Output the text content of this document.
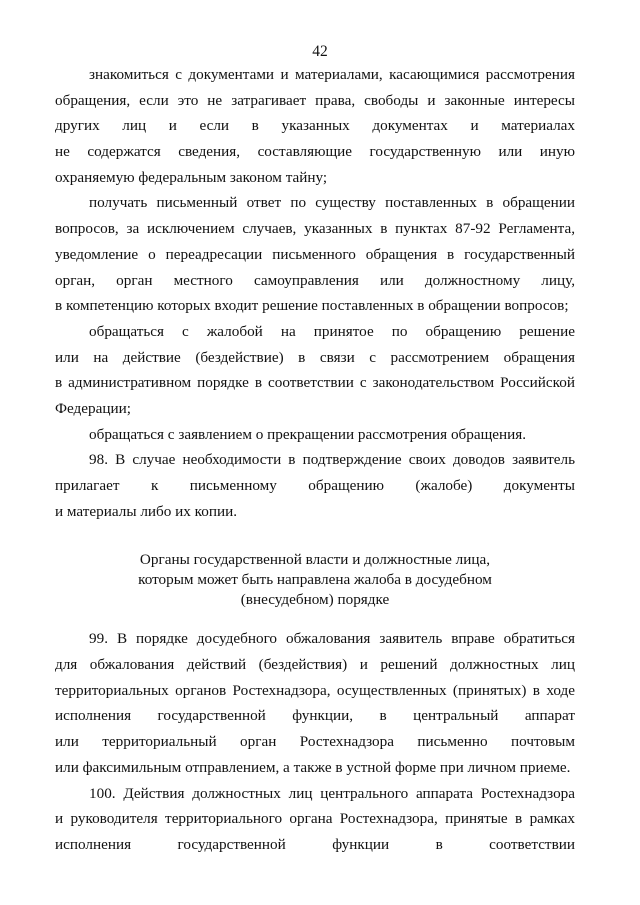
42
знакомиться с документами и материалами, касающимися рассмотрения
обращения, если это не затрагивает права, свободы и законные интересы
других лиц и если в указанных документах и материалах
не содержатся сведения, составляющие государственную или иную
охраняемую федеральным законом тайну;
получать письменный ответ по существу поставленных в обращении
вопросов, за исключением случаев, указанных в пунктах 87-92 Регламента,
уведомление о переадресации письменного обращения в государственный
орган, орган местного самоуправления или должностному лицу,
в компетенцию которых входит решение поставленных в обращении вопросов;
обращаться с жалобой на принятое по обращению решение
или на действие (бездействие) в связи с рассмотрением обращения
в административном порядке в соответствии с законодательством Российской
Федерации;
обращаться с заявлением о прекращении рассмотрения обращения.
98. В случае необходимости в подтверждение своих доводов заявитель
прилагает к письменному обращению (жалобе) документы
и материалы либо их копии.
Органы государственной власти и должностные лица,
которым может быть направлена жалоба в досудебном
(внесудебном) порядке
99. В порядке досудебного обжалования заявитель вправе обратиться
для обжалования действий (бездействия) и решений должностных лиц
территориальных органов Ростехнадзора, осуществленных (принятых) в ходе
исполнения государственной функции, в центральный аппарат
или территориальный орган Ростехнадзора письменно почтовым
или факсимильным отправлением, а также в устной форме при личном приеме.
100. Действия должностных лиц центрального аппарата Ростехнадзора
и руководителя территориального органа Ростехнадзора, принятые в рамках
исполнения государственной функции в соответствии
